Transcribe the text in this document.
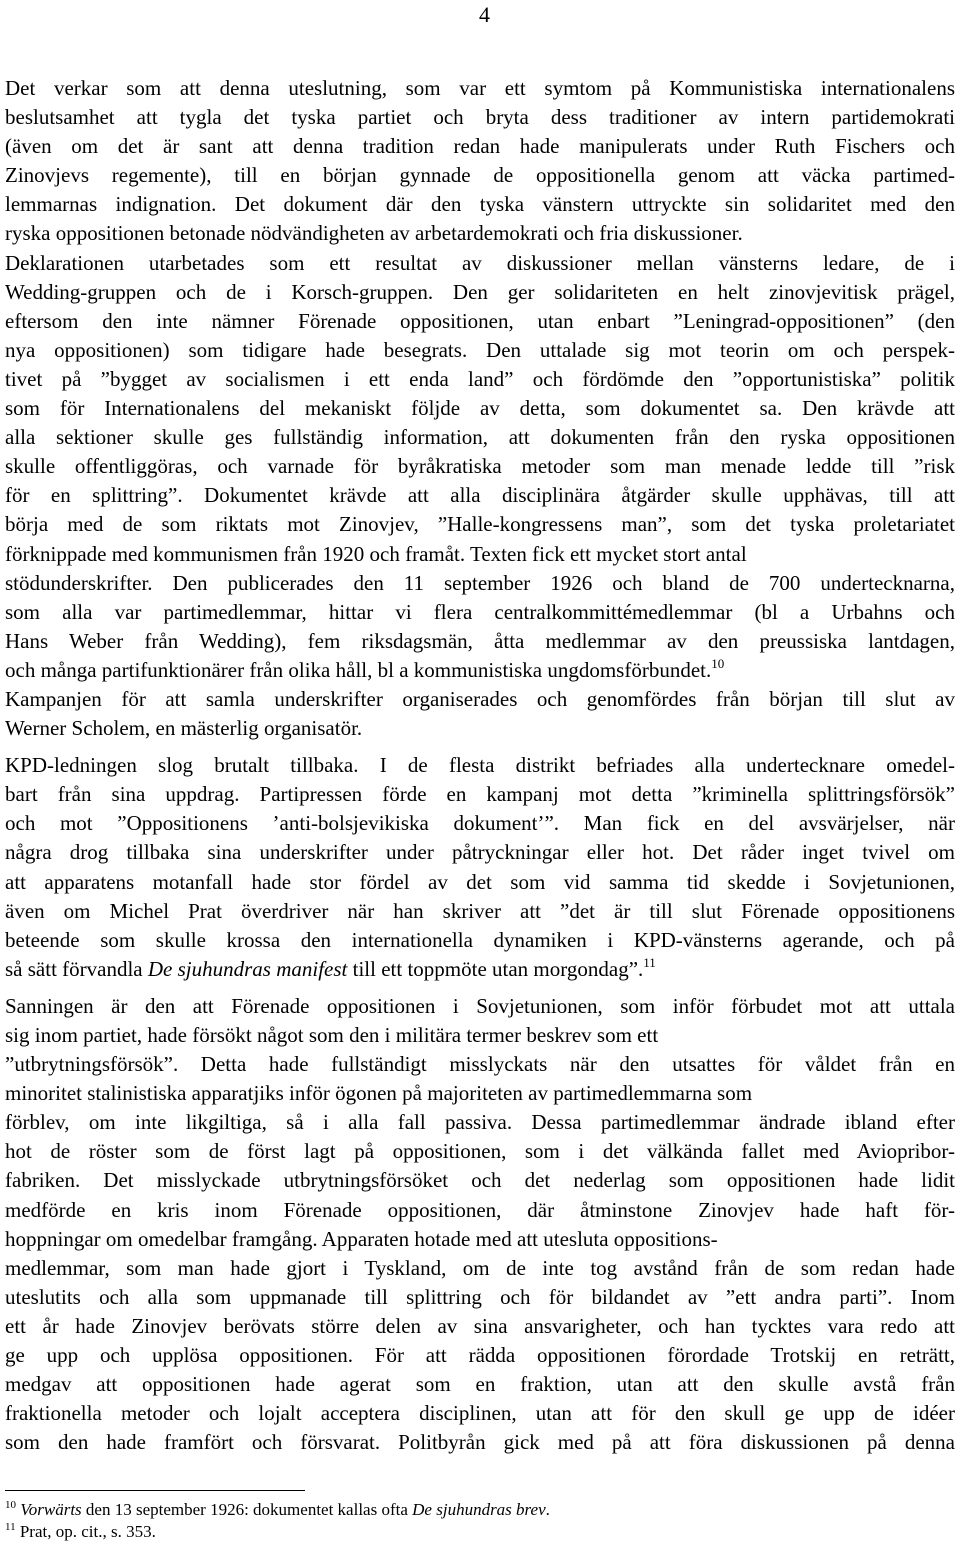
4

Det verkar som att denna uteslutning, som var ett symtom på Kommunistiska internationalens
beslutsamhet att tygla det tyska partiet och bryta dess traditioner av intern partidemokrati
(även om det är sant att denna tradition redan hade manipulerats under Ruth Fischers och
Zinovjevs regemente), till en början gynnade de oppositionella genom att väcka partimed-
lemmarnas indignation. Det dokument där den tyska vänstern uttryckte sin solidaritet med den
ryska oppositionen betonade nödvändigheten av arbetardemokrati och fria diskussioner.
Deklarationen utarbetades som ett resultat av diskussioner mellan vänsterns ledare, de i
Wedding-gruppen och de i Korsch-gruppen. Den ger solidariteten en helt zinovjevitisk prägel,
eftersom den inte nämner Förenade oppositionen, utan enbart ”Leningrad-oppositionen” (den
nya oppositionen) som tidigare hade besegrats. Den uttalade sig mot teorin om och perspek-
tivet på ”bygget av socialismen i ett enda land” och fördömde den ”opportunistiska” politik
som för Internationalens del mekaniskt följde av detta, som dokumentet sa. Den krävde att
alla sektioner skulle ges fullständig information, att dokumenten från den ryska oppositionen
skulle offentliggöras, och varnade för byråkratiska metoder som man menade ledde till ”risk
för en splittring”. Dokumentet krävde att alla disciplinära åtgärder skulle upphävas, till att
börja med de som riktats mot Zinovjev, ”Halle-kongressens man”, som det tyska proletariatet
förknippade med kommunismen från 1920 och framåt. Texten fick ett mycket stort antal
stödunderskrifter. Den publicerades den 11 september 1926 och bland de 700 undertecknarna,
som alla var partimedlemmar, hittar vi flera centralkommittémedlemmar (bl a Urbahns och
Hans Weber från Wedding), fem riksdagsmän, åtta medlemmar av den preussiska lantdagen,
och många partifunktionärer från olika håll, bl a kommunistiska ungdomsförbundet.$^{10}$
Kampanjen för att samla underskrifter organiserades och genomfördes från början till slut av
Werner Scholem, en mästerlig organisatör.

KPD-ledningen slog brutalt tillbaka. I de flesta distrikt befriades alla undertecknare omedel-
bart från sina uppdrag. Partipressen förde en kampanj mot detta ”kriminella splittringsförsök”
och mot ”Oppositionens ’anti-bolsjevikiska dokument’”. Man fick en del avsvärjelser, när
några drog tillbaka sina underskrifter under påtryckningar eller hot. Det råder inget tvivel om
att apparatens motanfall hade stor fördel av det som vid samma tid skedde i Sovjetunionen,
även om Michel Prat överdriver när han skriver att ”det är till slut Förenade oppositionens
beteende som skulle krossa den internationella dynamiken i KPD-vänsterns agerande, och på
så sätt förvandla De sjuhundras manifest till ett toppmöte utan morgondag”.$^{11}$

Sanningen är den att Förenade oppositionen i Sovjetunionen, som inför förbudet mot att uttala
sig inom partiet, hade försökt något som den i militära termer beskrev som ett
”utbrytningsförsök”. Detta hade fullständigt misslyckats när den utsattes för våldet från en
minoritet stalinistiska apparatjiks inför ögonen på majoriteten av partimedlemmarna som
förblev, om inte likgiltiga, så i alla fall passiva. Dessa partimedlemmar ändrade ibland efter
hot de röster som de först lagt på oppositionen, som i det välkända fallet med Aviopribor-
fabriken. Det misslyckade utbrytningsförsöket och det nederlag som oppositionen hade lidit
medförde en kris inom Förenade oppositionen, där åtminstone Zinovjev hade haft för-
hoppningar om omedelbar framgång. Apparaten hotade med att utesluta oppositions-
medlemmar, som man hade gjort i Tyskland, om de inte tog avstånd från de som redan hade
uteslutits och alla som uppmanade till splittring och för bildandet av ”ett andra parti”. Inom
ett år hade Zinovjev berövats större delen av sina ansvarigheter, och han tycktes vara redo att
ge upp och upplösa oppositionen. För att rädda oppositionen förordade Trotskij en reträtt,
medgav att oppositionen hade agerat som en fraktion, utan att den skulle avstå från
fraktionella metoder och lojalt acceptera disciplinen, utan att för den skull ge upp de idéer
som den hade framfört och försvarat. Politbyrån gick med på att föra diskussionen på denna

$^{10}$ Vorwärts den 13 september 1926: dokumentet kallas ofta De sjuhundras brev.
$^{11}$ Prat, op. cit., s. 353.
